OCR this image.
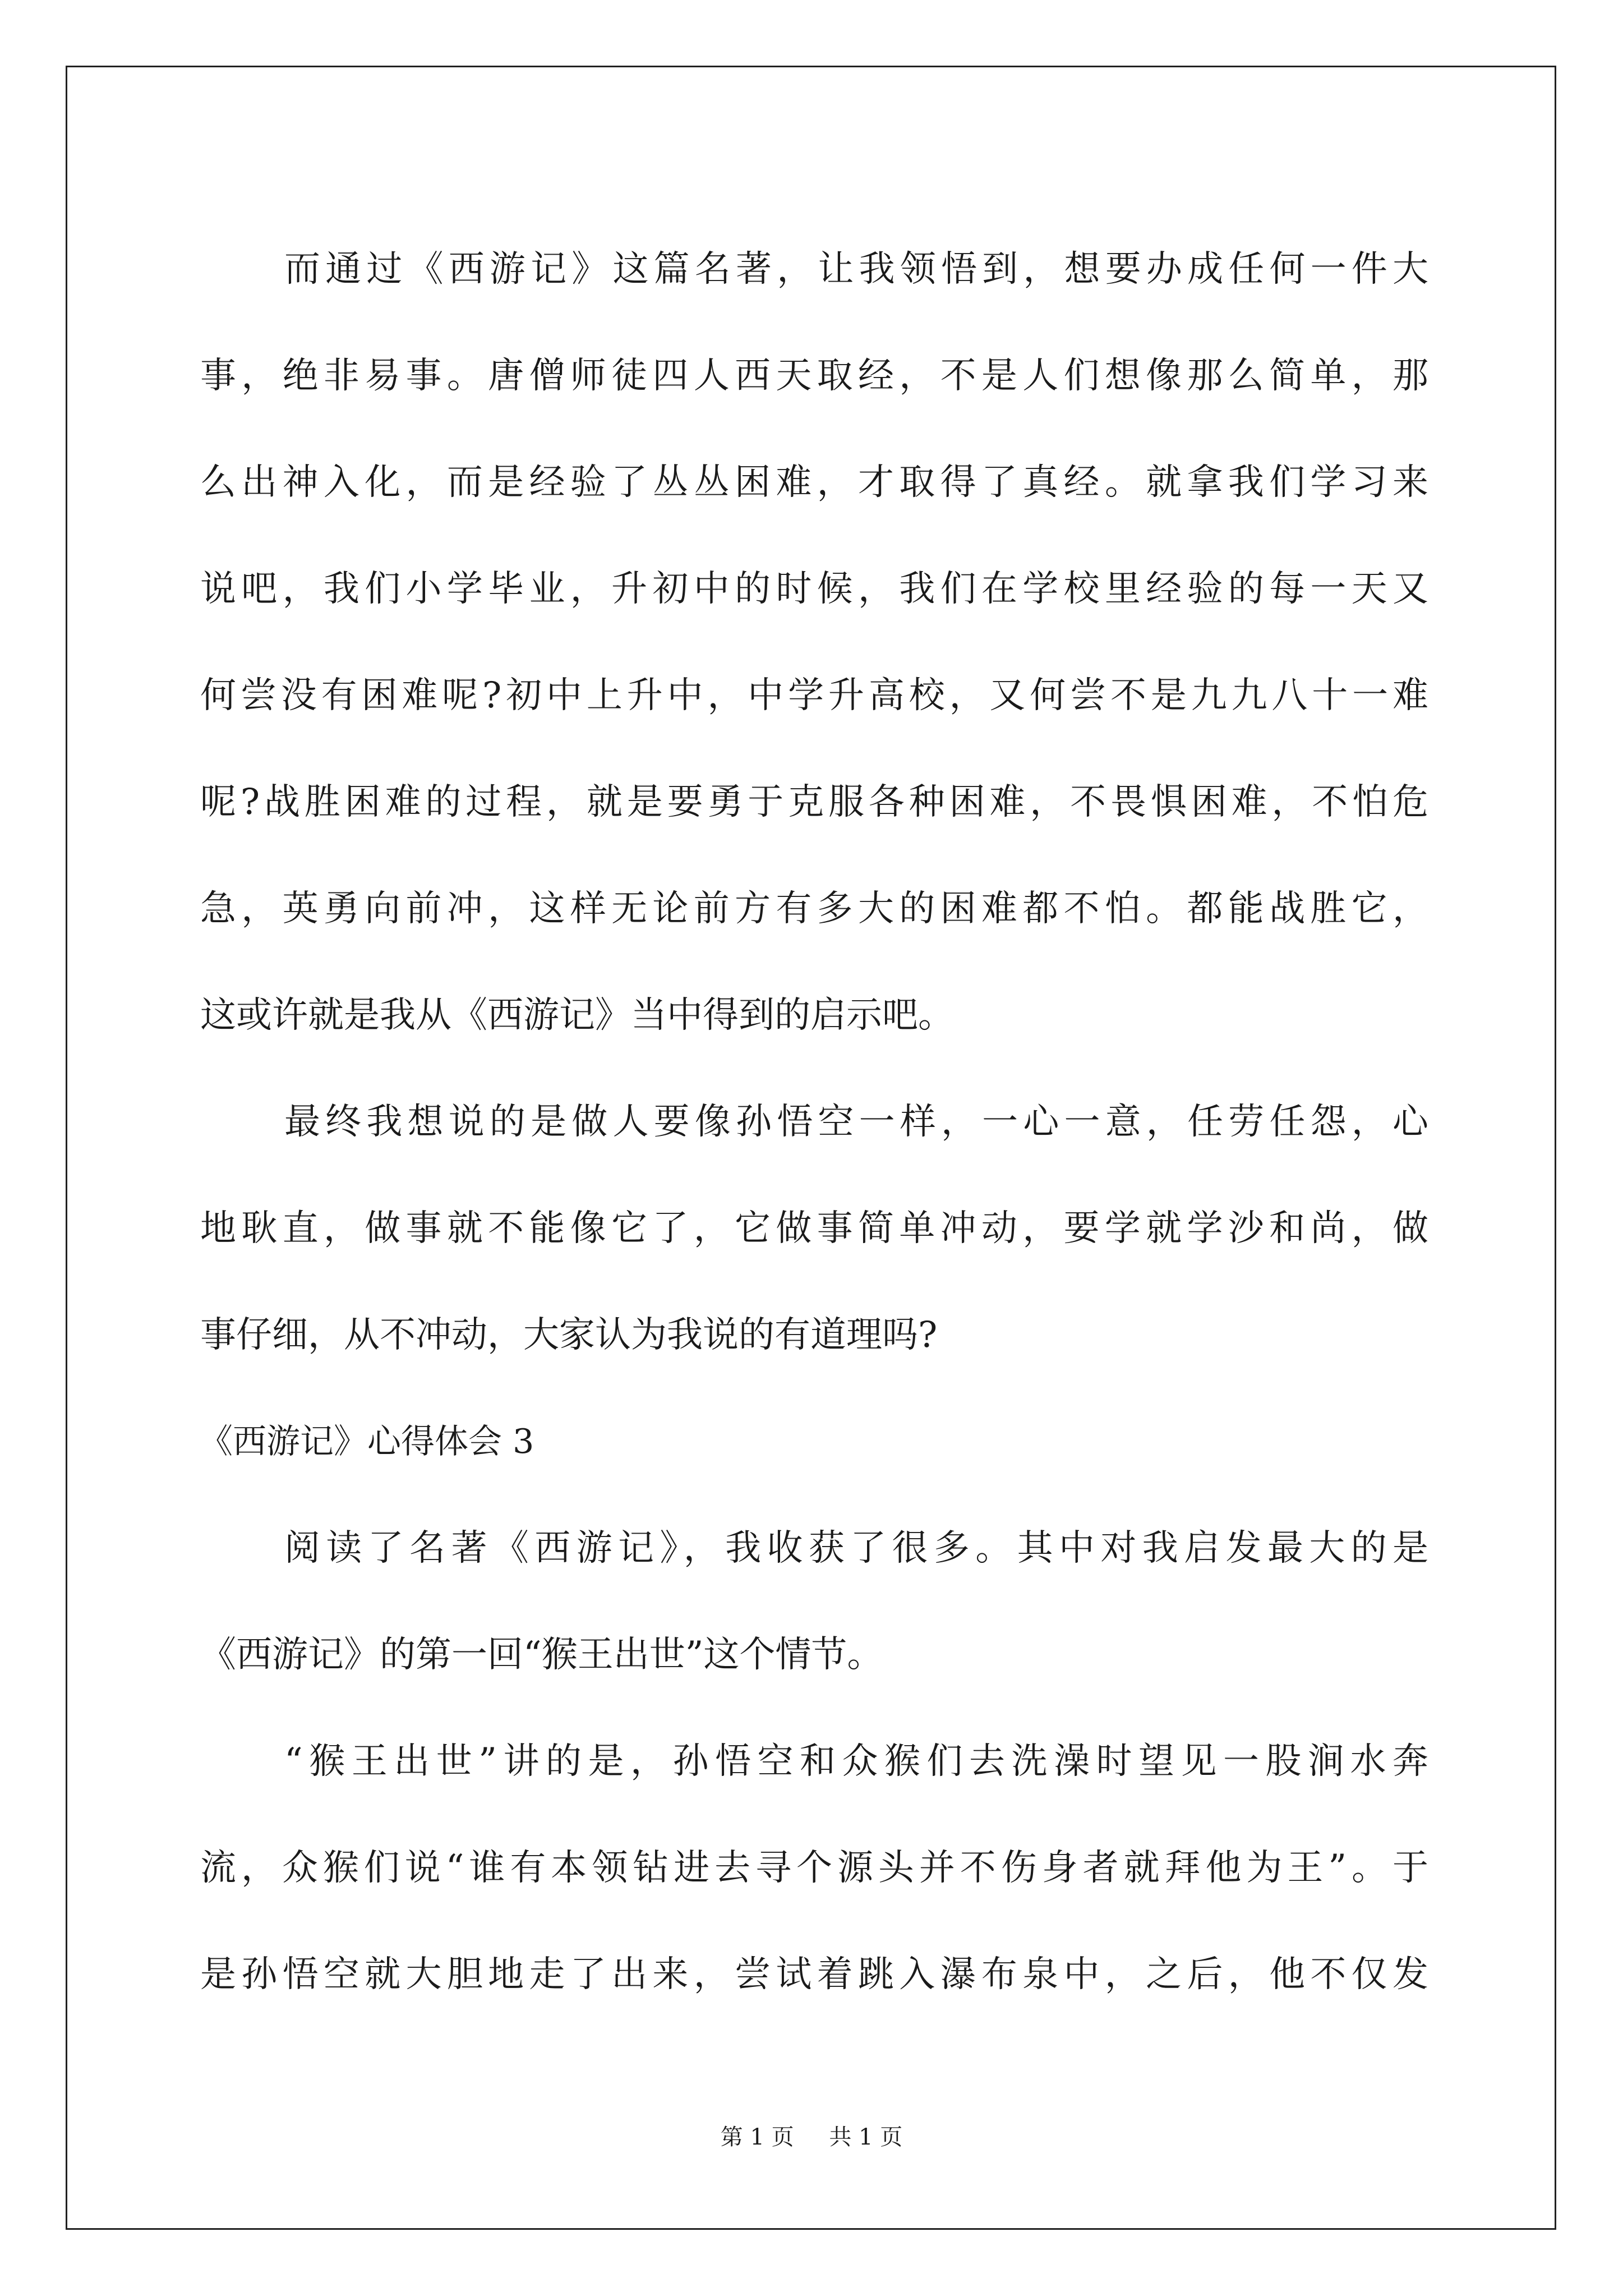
而通过《西游记》这篇名著，让我领悟到，想要办成任何一件大
事，绝非易事。唐僧师徒四人西天取经，不是人们想像那么简单，那
么出神入化，而是经验了丛丛困难，才取得了真经。就拿我们学习来
说吧，我们小学毕业，升初中的时候，我们在学校里经验的每一天又
何尝没有困难呢?初中上升中，中学升高校，又何尝不是九九八十一难
呢?战胜困难的过程，就是要勇于克服各种困难，不畏惧困难，不怕危
急，英勇向前冲，这样无论前方有多大的困难都不怕。都能战胜它，
这或许就是我从《西游记》当中得到的启示吧。
最终我想说的是做人要像孙悟空一样，一心一意，任劳任怨，心
地耿直，做事就不能像它了，它做事简单冲动，要学就学沙和尚，做
事仔细，从不冲动，大家认为我说的有道理吗?
《西游记》心得体会 3
阅读了名著《西游记》，我收获了很多。其中对我启发最大的是
《西游记》的第一回“猴王出世”这个情节。
“猴王出世”讲的是，孙悟空和众猴们去洗澡时望见一股涧水奔
流，众猴们说“谁有本领钻进去寻个源头并不伤身者就拜他为王”。于
是孙悟空就大胆地走了出来，尝试着跳入瀑布泉中，之后，他不仅发
第 1 页 共 1 页
